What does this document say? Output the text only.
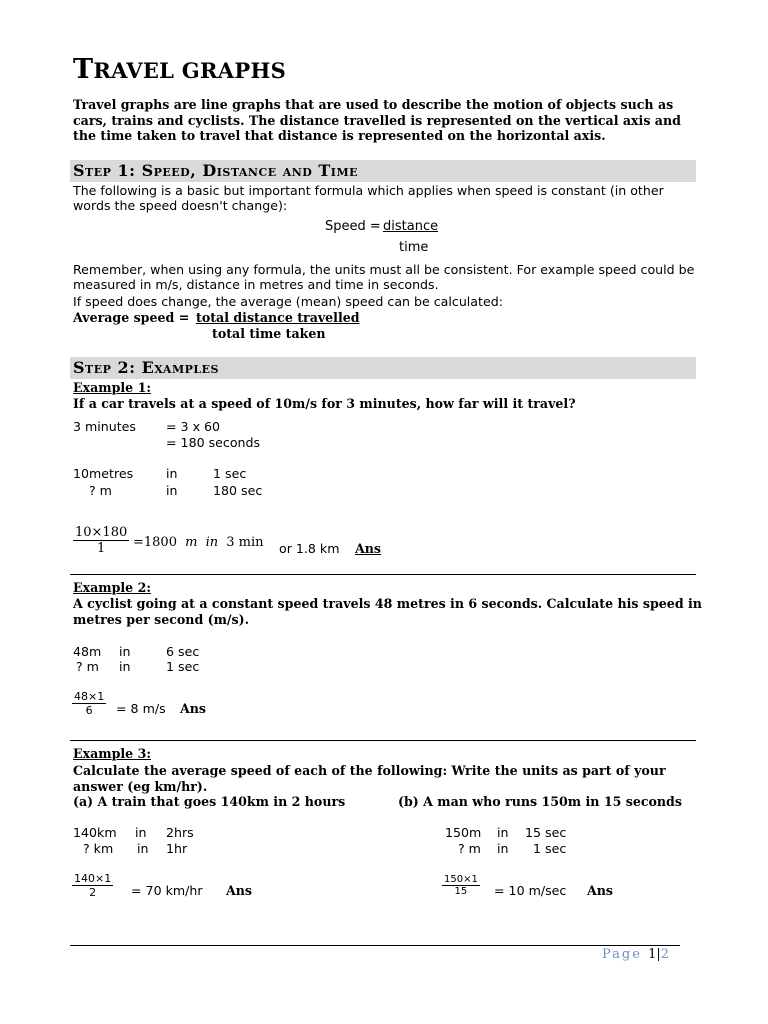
TRAVEL GRAPHS
Travel graphs are line graphs that are used to describe the motion of objects such as cars, trains and cyclists. The distance travelled is represented on the vertical axis and the time taken to travel that distance is represented on the horizontal axis.
Step 1: Speed, Distance and Time
The following is a basic but important formula which applies when speed is constant (in other words the speed doesn't change):
Speed = distance
time
Remember, when using any formula, the units must all be consistent. For example speed could be measured in m/s, distance in metres and time in seconds.
If speed does change, the average (mean) speed can be calculated:
Average speed = total distance travelled
total time taken
Step 2: Examples
Example 1:
If a car travels at a speed of 10m/s for 3 minutes, how far will it travel?
3 minutes = 3 x 60
= 180 seconds
10metres	in	1 sec
? m	in	180 sec
$\frac{10\times 180}{1} =1800$ m in 3 min or 1.8 km Ans
Example 2:
A cyclist going at a constant speed travels 48 metres in 6 seconds. Calculate his speed in metres per second (m/s).
48m in	6 sec
? m in	1 sec
$\frac{48\times 1}{6} = 8$ m/s Ans
Example 3:
Calculate the average speed of each of the following: Write the units as part of your answer (eg km/hr).
(a) A train that goes 140km in 2 hours	(b) A man who runs 150m in 15 seconds
140km in 2hrs
? km in 1hr
150m in 15 sec
? m in 1 sec
$\frac{140\times 1}{2} = 70$ km/hr Ans	$\frac{150\times 1}{15} = 10$ m/sec Ans
Page 1|2
